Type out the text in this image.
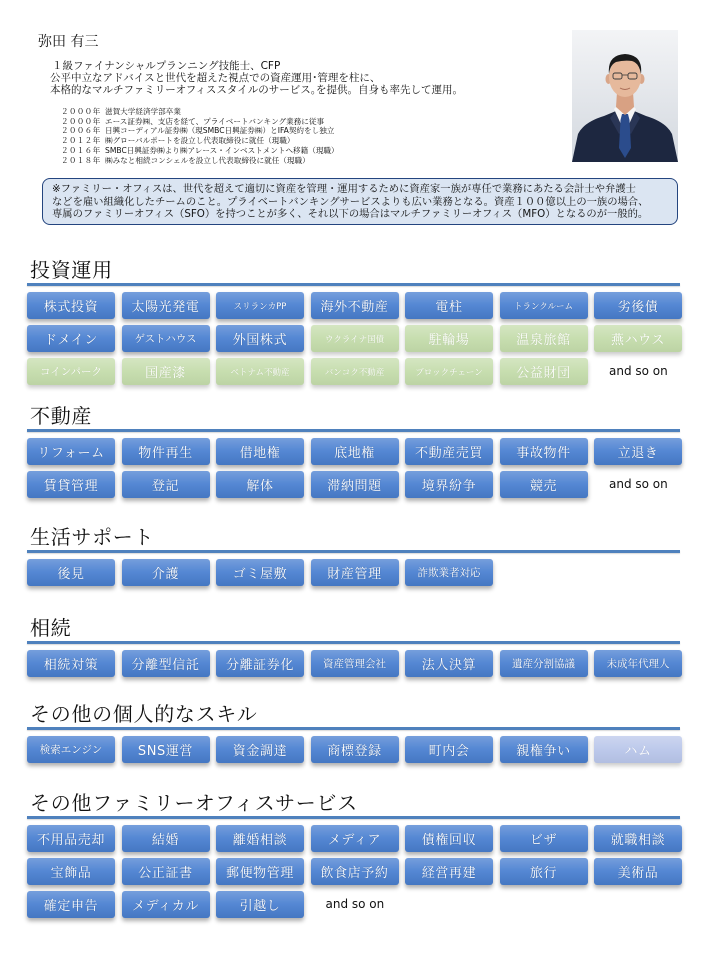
弥田 有三
１級ファイナンシャルプランニング技能士、CFP
公平中立なアドバイスと世代を超えた視点での資産運用･管理を柱に、
本格的なマルチファミリーオフィススタイルのサービス｡を提供。自身も率先して運用。
２０００年 滋賀大学経済学部卒業
２０００年 エース証券㈱、支店を経て、プライベートバンキング業務に従事
２００６年 日興コーディアル証券㈱（現SMBC日興証券㈱）とIFA契約をし独立
２０１２年 ㈱グローバルポートを設立し代表取締役に就任（現職）
２０１６年 SMBC日興証券㈱より㈱アレース・インベストメントへ移籍（現職）
２０１８年 ㈱みなと相続コンシェルを設立し代表取締役に就任（現職）
※ファミリー・オフィスは、世代を超えて適切に資産を管理・運用するために資産家一族が専任で業務にあたる会計士や弁護士
などを雇い組織化したチームのこと。プライベートバンキングサービスよりも広い業務となる。資産１００億以上の一族の場合、
専属のファミリーオフィス（SFO）を持つことが多く、それ以下の場合はマルチファミリーオフィス（MFO）となるのが一般的。
投資運用
株式投資	太陽光発電	スリランカPP	海外不動産	電柱	トランクルーム	劣後債
ドメイン	ゲストハウス	外国株式	ウクライナ国債	駐輪場	温泉旅館	燕ハウス
コインパーク	国産漆	ベトナム不動産	バンコク不動産	ブロックチェーン	公益財団	and so on
不動産
リフォーム	物件再生	借地権	底地権	不動産売買	事故物件	立退き
賃貸管理	登記	解体	滞納問題	境界紛争	競売	and so on
生活サポート
後見	介護	ゴミ屋敷	財産管理	詐欺業者対応
相続
相続対策	分離型信託	分離証券化	資産管理会社	法人決算	遺産分割協議	未成年代理人
その他の個人的なスキル
検索エンジン	SNS運営	資金調達	商標登録	町内会	親権争い	ハム
その他ファミリーオフィスサービス
不用品売却	結婚	離婚相談	メディア	債権回収	ビザ	就職相談
宝飾品	公正証書	郵便物管理	飲食店予約	経営再建	旅行	美術品
確定申告	メディカル	引越し	and so on
